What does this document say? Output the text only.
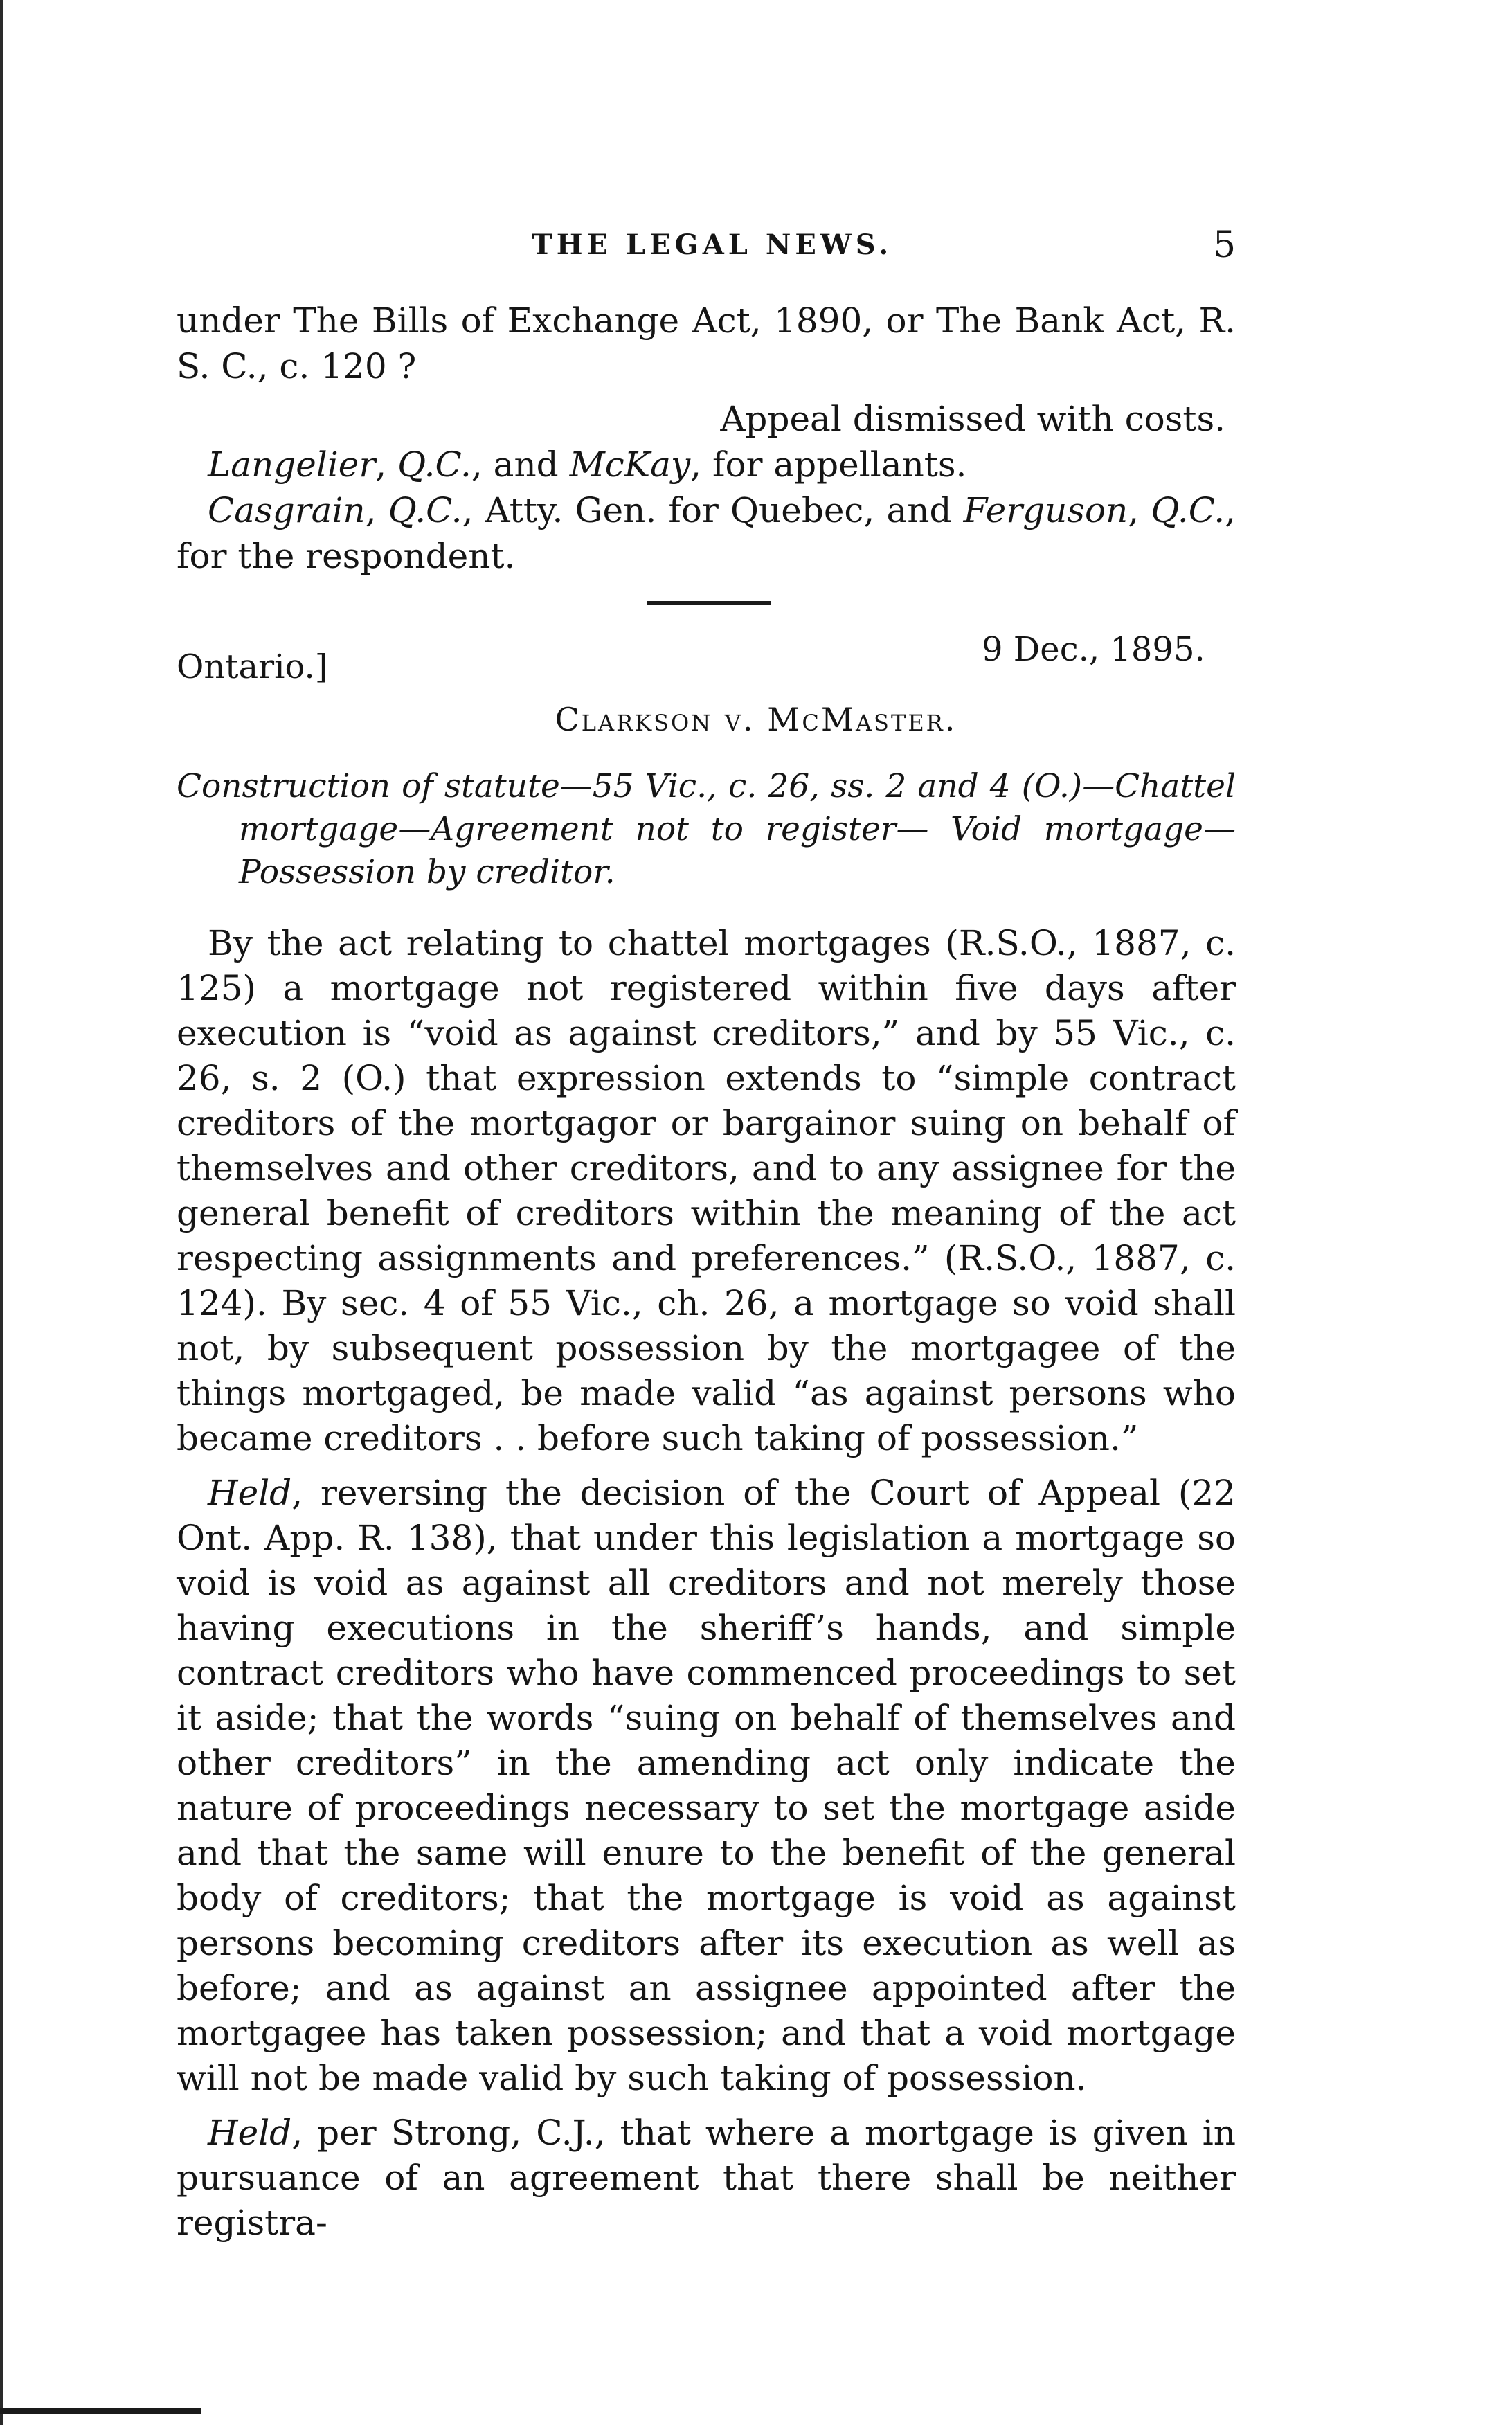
THE LEGAL NEWS.	5

under The Bills of Exchange Act, 1890, or The Bank Act, R. S. C., c. 120 ?

Appeal dismissed with costs.

Langelier, Q.C., and McKay, for appellants.

Casgrain, Q.C., Atty. Gen. for Quebec, and Ferguson, Q.C., for the respondent.

Ontario.]	9 Dec., 1895.
Clarkson v. McMaster.

Construction of statute—55 Vic., c. 26, ss. 2 and 4 (O.)—Chattel mortgage—Agreement not to register— Void mortgage—Possession by creditor.

By the act relating to chattel mortgages (R.S.O., 1887, c. 125) a mortgage not registered within five days after execution is “void as against creditors,” and by 55 Vic., c. 26, s. 2 (O.) that expression extends to “simple contract creditors of the mortgagor or bargainor suing on behalf of themselves and other creditors, and to any assignee for the general benefit of creditors within the meaning of the act respecting assignments and preferences.” (R.S.O., 1887, c. 124). By sec. 4 of 55 Vic., ch. 26, a mortgage so void shall not, by subsequent possession by the mortgagee of the things mortgaged, be made valid “as against persons who became creditors . . before such taking of possession.”

Held, reversing the decision of the Court of Appeal (22 Ont. App. R. 138), that under this legislation a mortgage so void is void as against all creditors and not merely those having executions in the sheriff’s hands, and simple contract creditors who have commenced proceedings to set it aside; that the words “suing on behalf of themselves and other creditors” in the amending act only indicate the nature of proceedings necessary to set the mortgage aside and that the same will enure to the benefit of the general body of creditors; that the mortgage is void as against persons becoming creditors after its execution as well as before; and as against an assignee appointed after the mortgagee has taken possession; and that a void mortgage will not be made valid by such taking of possession.

Held, per Strong, C.J., that where a mortgage is given in pursuance of an agreement that there shall be neither registra-
